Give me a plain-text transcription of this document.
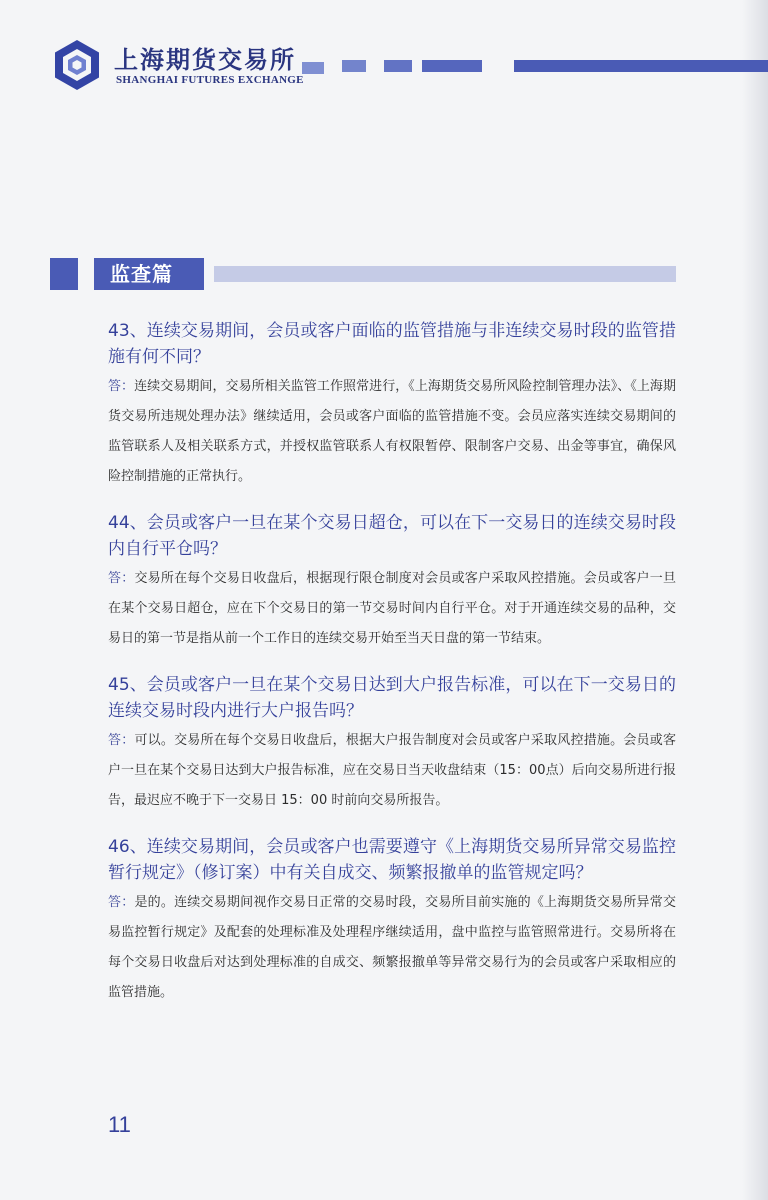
上海期货交易所
SHANGHAI FUTURES EXCHANGE
监查篇

43、连续交易期间，会员或客户面临的监管措施与非连续交易时段的监管措施有何不同？

答：连续交易期间，交易所相关监管工作照常进行，《上海期货交易所风险控制管理办法》、《上海期货交易所违规处理办法》继续适用，会员或客户面临的监管措施不变。会员应落实连续交易期间的监管联系人及相关联系方式，并授权监管联系人有权限暂停、限制客户交易、出金等事宜，确保风险控制措施的正常执行。

44、会员或客户一旦在某个交易日超仓，可以在下一交易日的连续交易时段内自行平仓吗？

答：交易所在每个交易日收盘后，根据现行限仓制度对会员或客户采取风控措施。会员或客户一旦在某个交易日超仓，应在下个交易日的第一节交易时间内自行平仓。对于开通连续交易的品种，交易日的第一节是指从前一个工作日的连续交易开始至当天日盘的第一节结束。

45、会员或客户一旦在某个交易日达到大户报告标准，可以在下一交易日的连续交易时段内进行大户报告吗？

答：可以。交易所在每个交易日收盘后，根据大户报告制度对会员或客户采取风控措施。会员或客户一旦在某个交易日达到大户报告标准，应在交易日当天收盘结束（15：00点）后向交易所进行报告，最迟应不晚于下一交易日 15：00 时前向交易所报告。

46、连续交易期间，会员或客户也需要遵守《上海期货交易所异常交易监控暂行规定》（修订案）中有关自成交、频繁报撤单的监管规定吗？

答：是的。连续交易期间视作交易日正常的交易时段，交易所目前实施的《上海期货交易所异常交易监控暂行规定》及配套的处理标准及处理程序继续适用，盘中监控与监管照常进行。交易所将在每个交易日收盘后对达到处理标准的自成交、频繁报撤单等异常交易行为的会员或客户采取相应的监管措施。

11
